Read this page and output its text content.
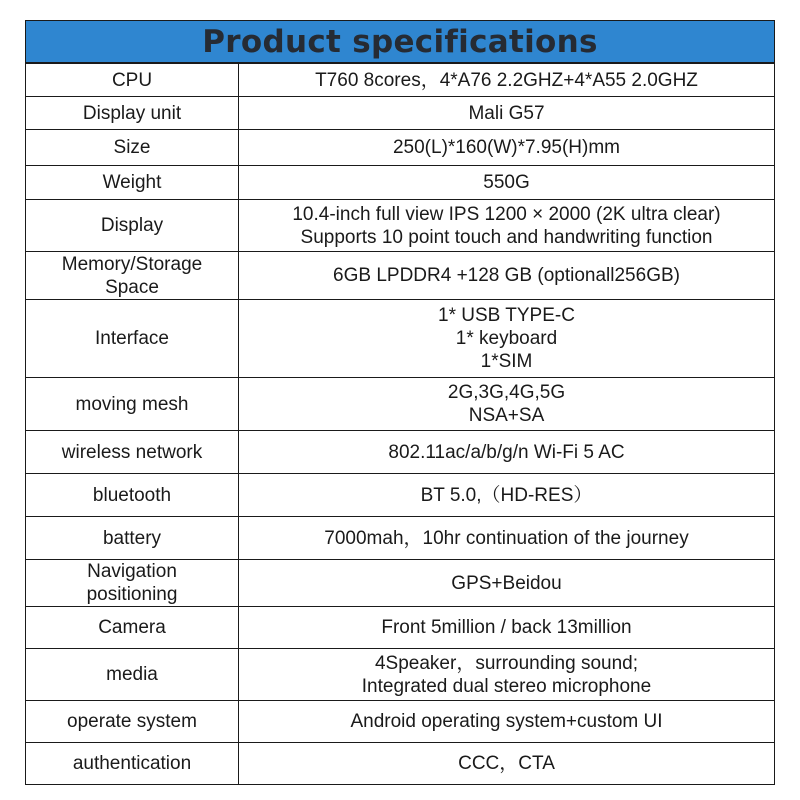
Product specifications
CPU	T760 8cores，4*A76 2.2GHZ+4*A55 2.0GHZ

Display unit	Mali G57

Size	250(L)*160(W)*7.95(H)mm

Weight	550G

Display	10.4-inch full view IPS 1200 × 2000 (2K ultra clear)
Supports 10 point touch and handwriting function

Memory/Storage
Space	6GB LPDDR4 +128 GB (optionall256GB)

Interface	1* USB TYPE-C
1* keyboard
1*SIM

moving mesh	2G,3G,4G,5G
NSA+SA

wireless network	802.11ac/a/b/g/n Wi-Fi 5 AC

bluetooth	BT 5.0,（HD-RES）

battery	7000mah，10hr continuation of the journey

Navigation
positioning	GPS+Beidou

Camera	Front 5million / back 13million

media	4Speaker，surrounding sound;
Integrated dual stereo microphone

operate system	Android operating system+custom UI

authentication	CCC，CTA
